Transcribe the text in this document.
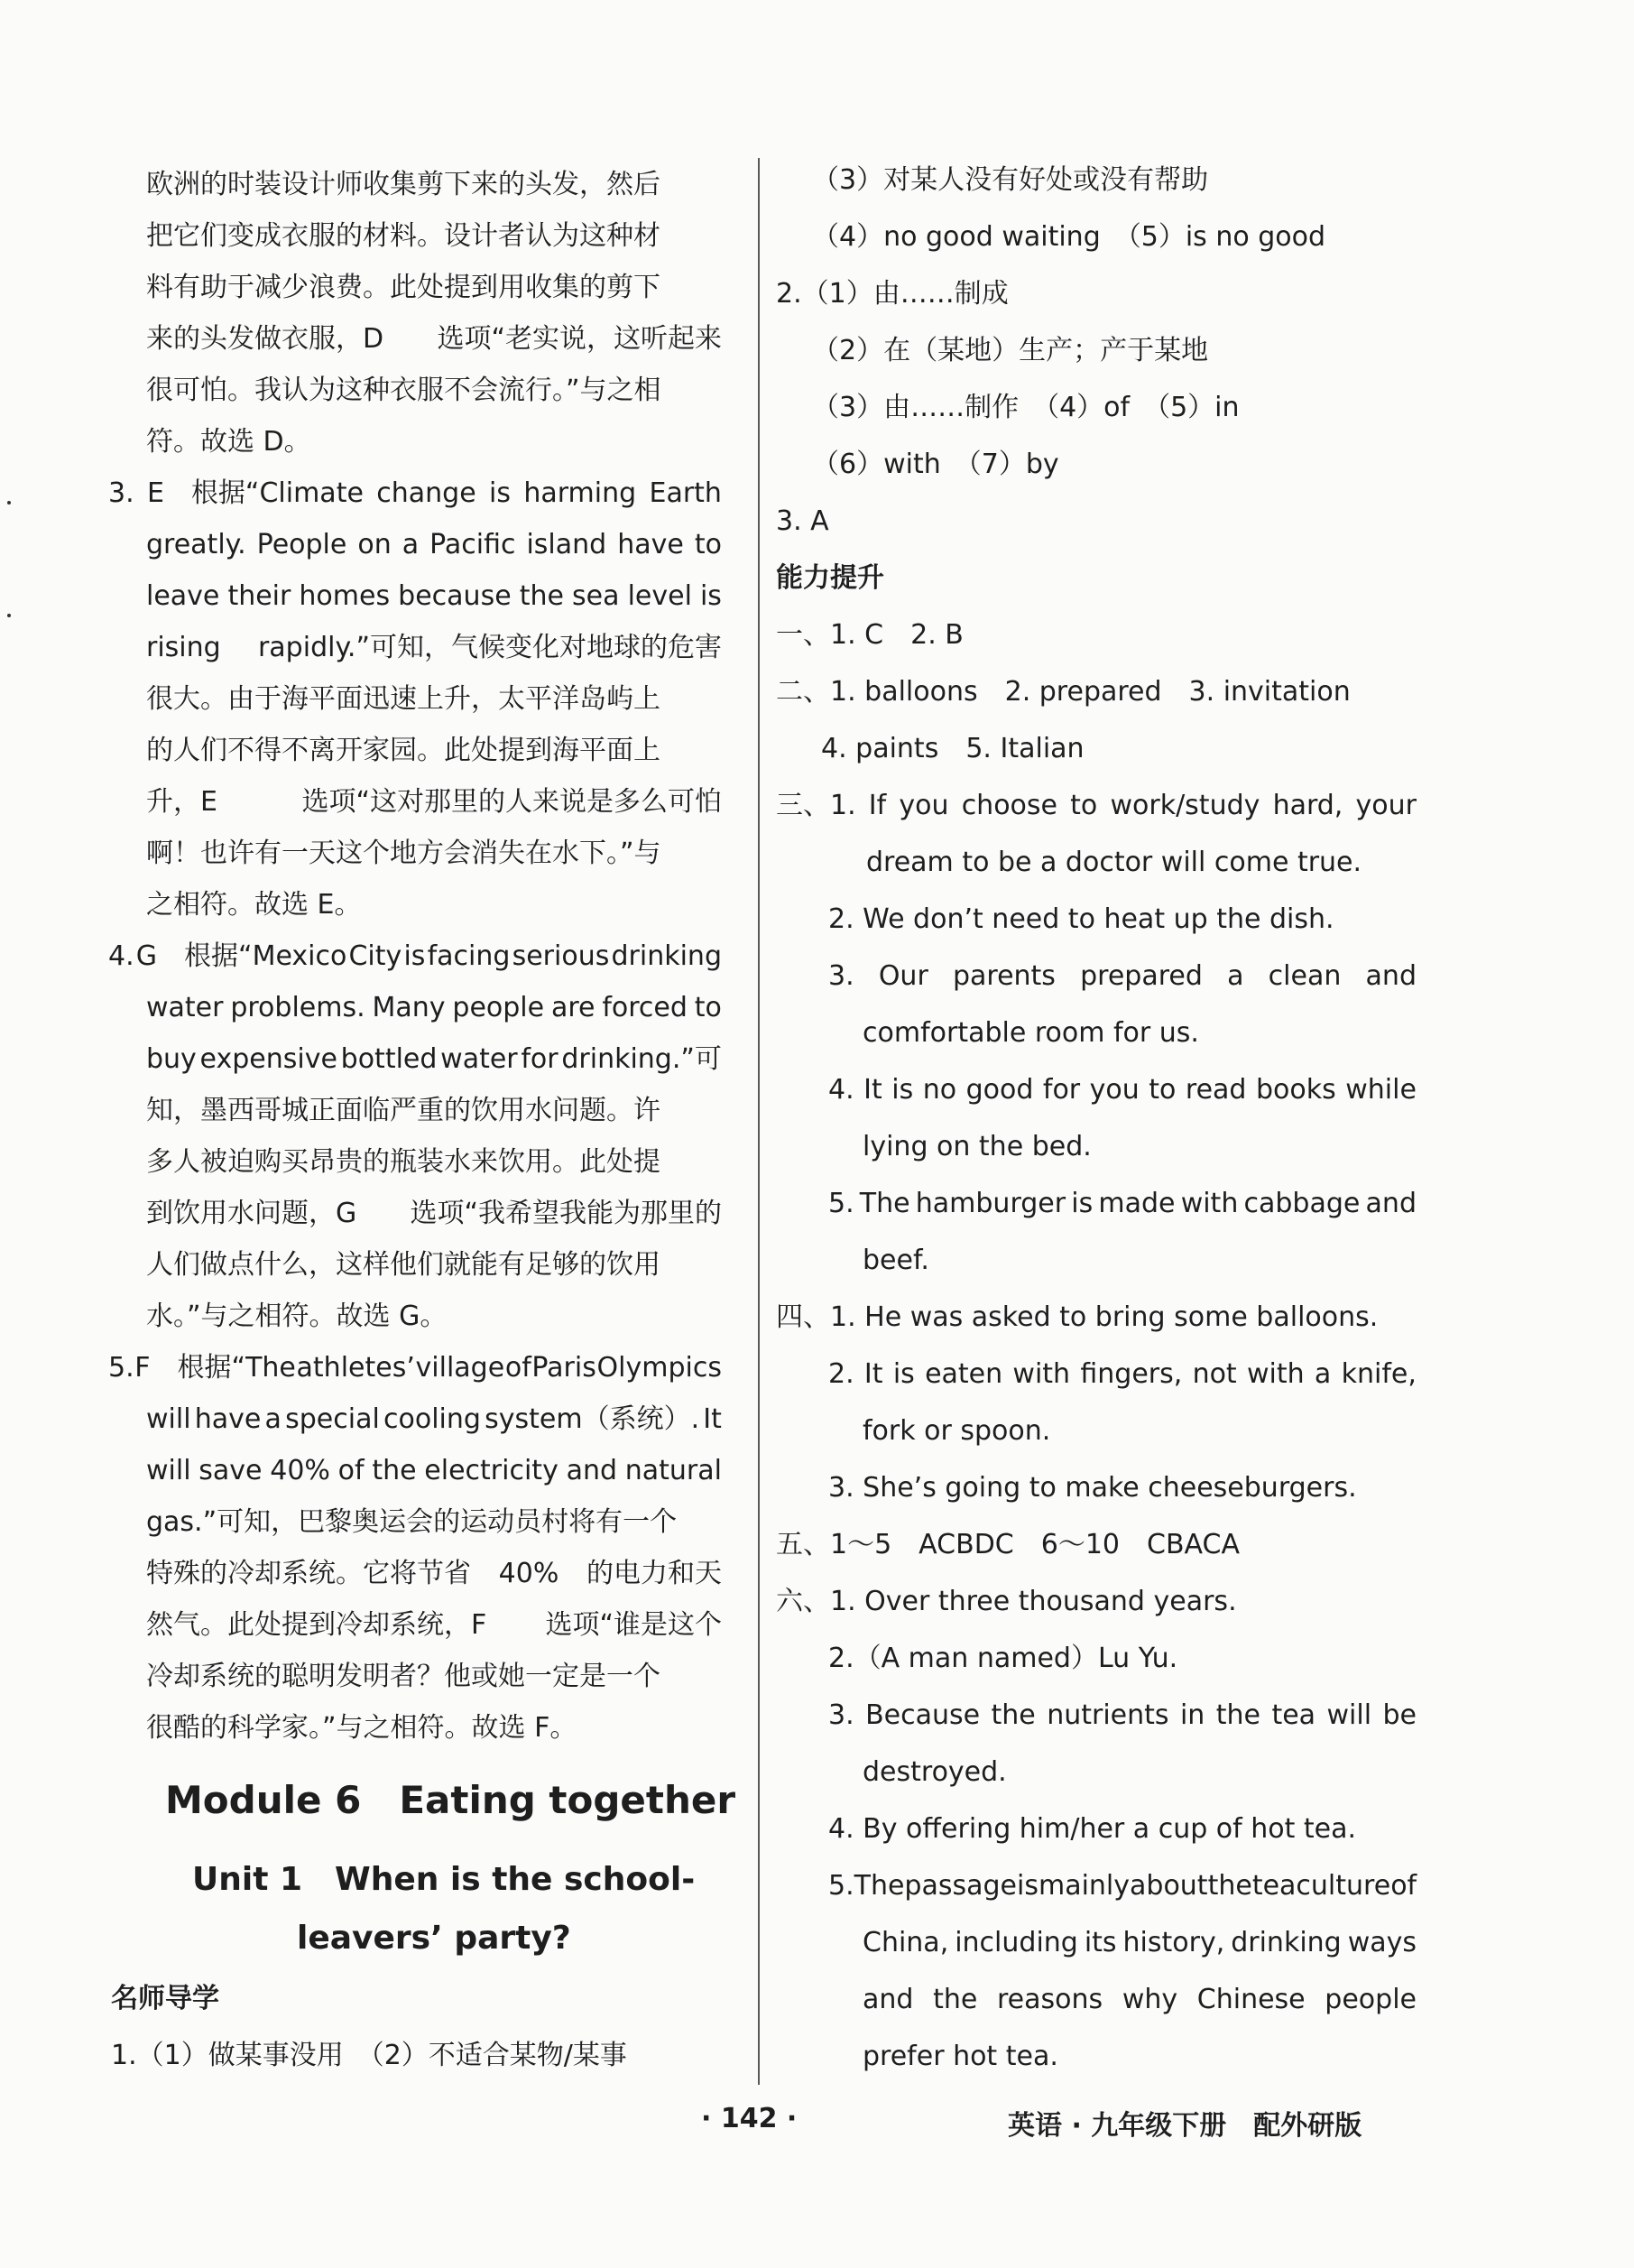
Module 6　Eating together
Unit 1　When is the school-
leavers’ party?
名师导学
1.（1）做某事没用　（2）不适合某物/某事
欧洲的时装设计师收集剪下来的头发，然后
把它们变成衣服的材料。设计者认为这种材
料有助于减少浪费。此处提到用收集的剪下
来的头发做衣服，D 选项“老实说，这听起来
很可怕。我认为这种衣服不会流行。”与之相
符。故选 D。
3. E　根据“Climate change is harming Earth
greatly. People on a Pacific island have to
leave their homes because the sea level is
rising rapidly.”可知，气候变化对地球的危害
很大。由于海平面迅速上升，太平洋岛屿上
的人们不得不离开家园。此处提到海平面上
升，E	选项“这对那里的人来说是多么可怕
啊！也许有一天这个地方会消失在水下。”与
之相符。故选 E。
4. G　根据“Mexico City is facing serious drinking
water problems. Many people are forced to
buy expensive bottled water for drinking.”可
知，墨西哥城正面临严重的饮用水问题。许
多人被迫购买昂贵的瓶装水来饮用。此处提
到饮用水问题，G 选项“我希望我能为那里的
人们做点什么，这样他们就能有足够的饮用
水。”与之相符。故选 G。
5. F　根据“The athletes’ village of Paris Olympics
will have a special cooling system（系统）. It
will save 40% of the electricity and natural
gas.”可知，巴黎奥运会的运动员村将有一个
特殊的冷却系统。它将节省 40% 的电力和天
然气。此处提到冷却系统，F 选项“谁是这个
冷却系统的聪明发明者？他或她一定是一个
很酷的科学家。”与之相符。故选 F。
（3）对某人没有好处或没有帮助
（4）no good waiting　（5）is no good
2.（1）由……制成
（2）在（某地）生产；产于某地
（3）由……制作　（4）of　（5）in
（6）with　（7）by
3. A
能力提升
一、1. C　2. B
二、1. balloons　2. prepared　3. invitation
4. paints　5. Italian
三、1. If you choose to work/study hard, your
dream to be a doctor will come true.
2. We don’t need to heat up the dish.
3. Our parents prepared a clean and
comfortable room for us.
4. It is no good for you to read books while
lying on the bed.
5. The hamburger is made with cabbage and
beef.
四、1. He was asked to bring some balloons.
2. It is eaten with fingers, not with a knife,
fork or spoon.
3. She’s going to make cheeseburgers.
五、1～5　ACBDC　6～10　CBACA
六、1. Over three thousand years.
2.（A man named）Lu Yu.
3. Because the nutrients in the tea will be
destroyed.
4. By offering him/her a cup of hot tea.
5. The passage is mainly about the tea culture of
China, including its history, drinking ways
and the reasons why Chinese people
prefer hot tea.
· 142 ·	英语 · 九年级下册　配外研版
